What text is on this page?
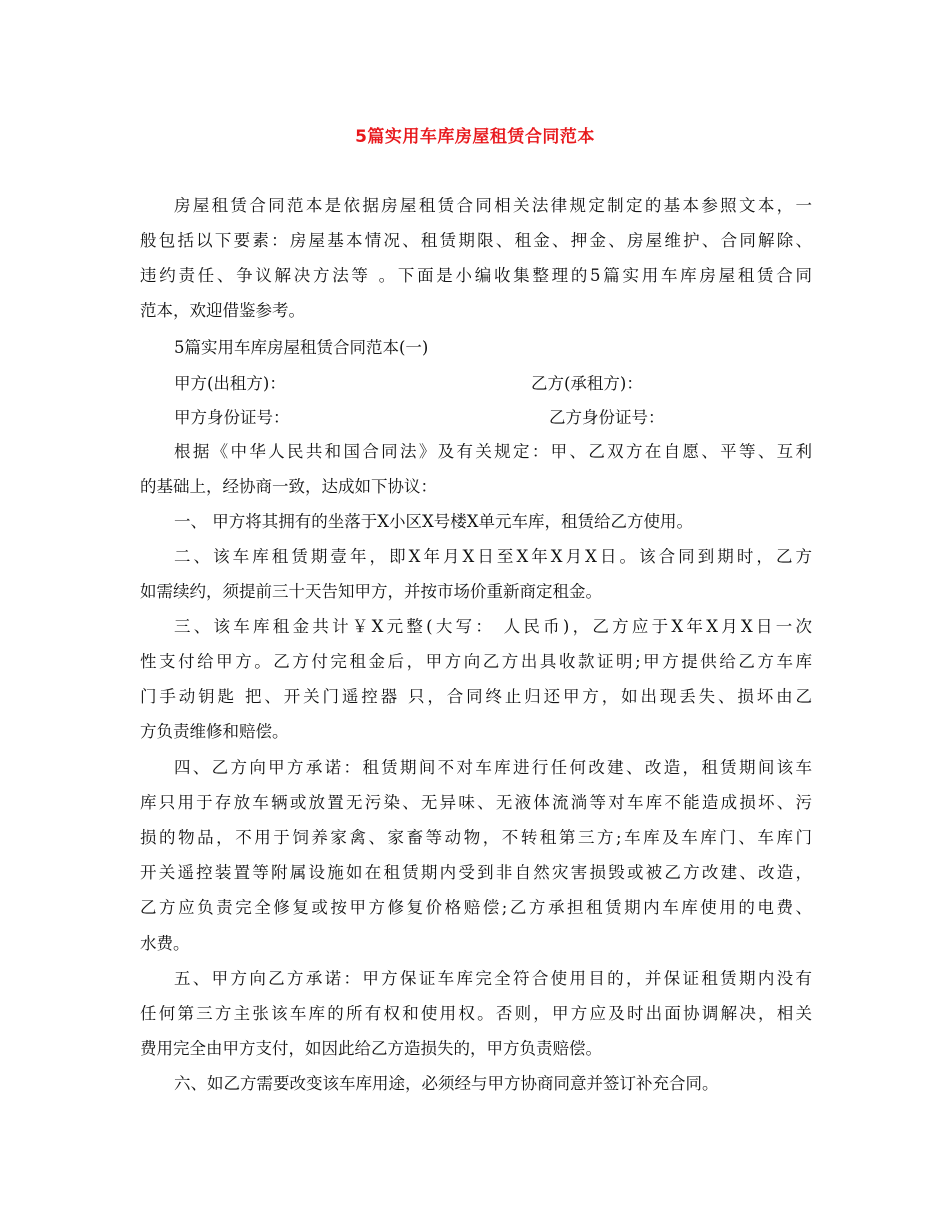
5篇实用车库房屋租赁合同范本
房屋租赁合同范本是依据房屋租赁合同相关法律规定制定的基本参照文本，一
般包括以下要素：房屋基本情况、租赁期限、租金、押金、房屋维护、合同解除、
违约责任、争议解决方法等 。下面是小编收集整理的5篇实用车库房屋租赁合同
范本，欢迎借鉴参考。
5篇实用车库房屋租赁合同范本(一)
甲方(出租方)：	乙方(承租方)：
甲方身份证号：	乙方身份证号：
根据《中华人民共和国合同法》及有关规定：甲、乙双方在自愿、平等、互利
的基础上，经协商一致，达成如下协议：
一、 甲方将其拥有的坐落于X小区X号楼X单元车库，租赁给乙方使用。
二、该车库租赁期壹年，即X年月X日至X年X月X日。该合同到期时，乙方
如需续约，须提前三十天告知甲方，并按市场价重新商定租金。
三、该车库租金共计￥X元整(大写： 人民币)，乙方应于X年X月X日一次
性支付给甲方。乙方付完租金后，甲方向乙方出具收款证明;甲方提供给乙方车库
门手动钥匙 把、开关门遥控器 只，合同终止归还甲方，如出现丢失、损坏由乙
方负责维修和赔偿。
四、乙方向甲方承诺：租赁期间不对车库进行任何改建、改造，租赁期间该车
库只用于存放车辆或放置无污染、无异味、无液体流淌等对车库不能造成损坏、污
损的物品，不用于饲养家禽、家畜等动物，不转租第三方;车库及车库门、车库门
开关遥控装置等附属设施如在租赁期内受到非自然灾害损毁或被乙方改建、改造，
乙方应负责完全修复或按甲方修复价格赔偿;乙方承担租赁期内车库使用的电费、
水费。
五、甲方向乙方承诺：甲方保证车库完全符合使用目的，并保证租赁期内没有
任何第三方主张该车库的所有权和使用权。否则，甲方应及时出面协调解决，相关
费用完全由甲方支付，如因此给乙方造损失的，甲方负责赔偿。
六、如乙方需要改变该车库用途，必须经与甲方协商同意并签订补充合同。
